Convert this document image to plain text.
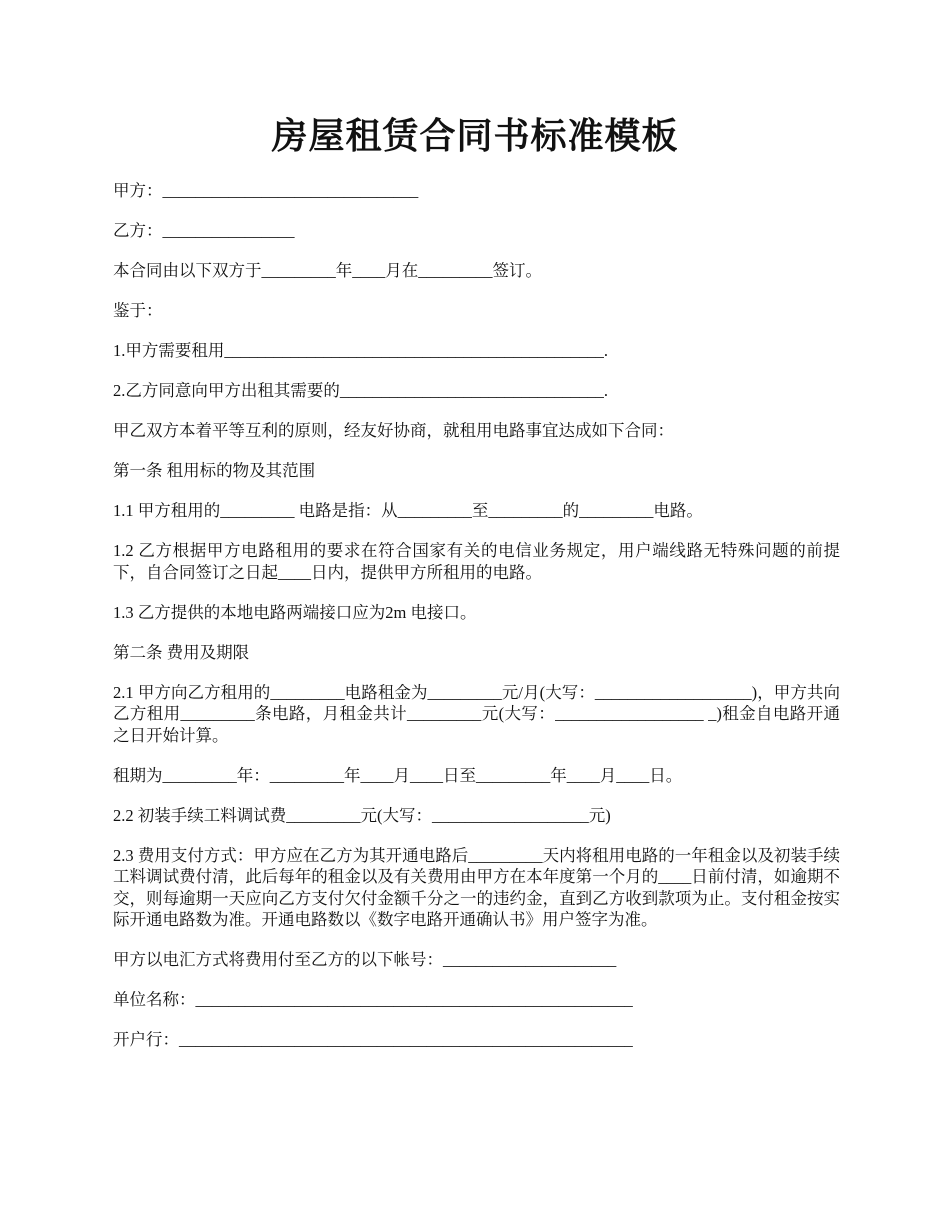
房屋租赁合同书标准模板

甲方：_______________________________

乙方：________________

本合同由以下双方于_________年____月在_________签订。

鉴于：

1.甲方需要租用______________________________________________.

2.乙方同意向甲方出租其需要的________________________________.

甲乙双方本着平等互利的原则，经友好协商，就租用电路事宜达成如下合同：

第一条 租用标的物及其范围

1.1 甲方租用的_________ 电路是指：从_________至_________的_________电路。

1.2 乙方根据甲方电路租用的要求在符合国家有关的电信业务规定，用户端线路无特殊问题的前提下，自合同签订之日起____日内，提供甲方所租用的电路。

1.3 乙方提供的本地电路两端接口应为2m 电接口。

第二条 费用及期限

2.1 甲方向乙方租用的_________电路租金为_________元/月(大写：___________________)，甲方共向乙方租用_________条电路，月租金共计_________元(大写：__________________ _)租金自电路开通之日开始计算。

租期为_________年：_________年____月____日至_________年____月____日。

2.2 初装手续工料调试费_________元(大写：___________________元)

2.3 费用支付方式：甲方应在乙方为其开通电路后_________天内将租用电路的一年租金以及初装手续工料调试费付清，此后每年的租金以及有关费用由甲方在本年度第一个月的____日前付清，如逾期不交，则每逾期一天应向乙方支付欠付金额千分之一的违约金，直到乙方收到款项为止。支付租金按实际开通电路数为准。开通电路数以《数字电路开通确认书》用户签字为准。

甲方以电汇方式将费用付至乙方的以下帐号：_____________________

单位名称：_____________________________________________________

开户行：_______________________________________________________
